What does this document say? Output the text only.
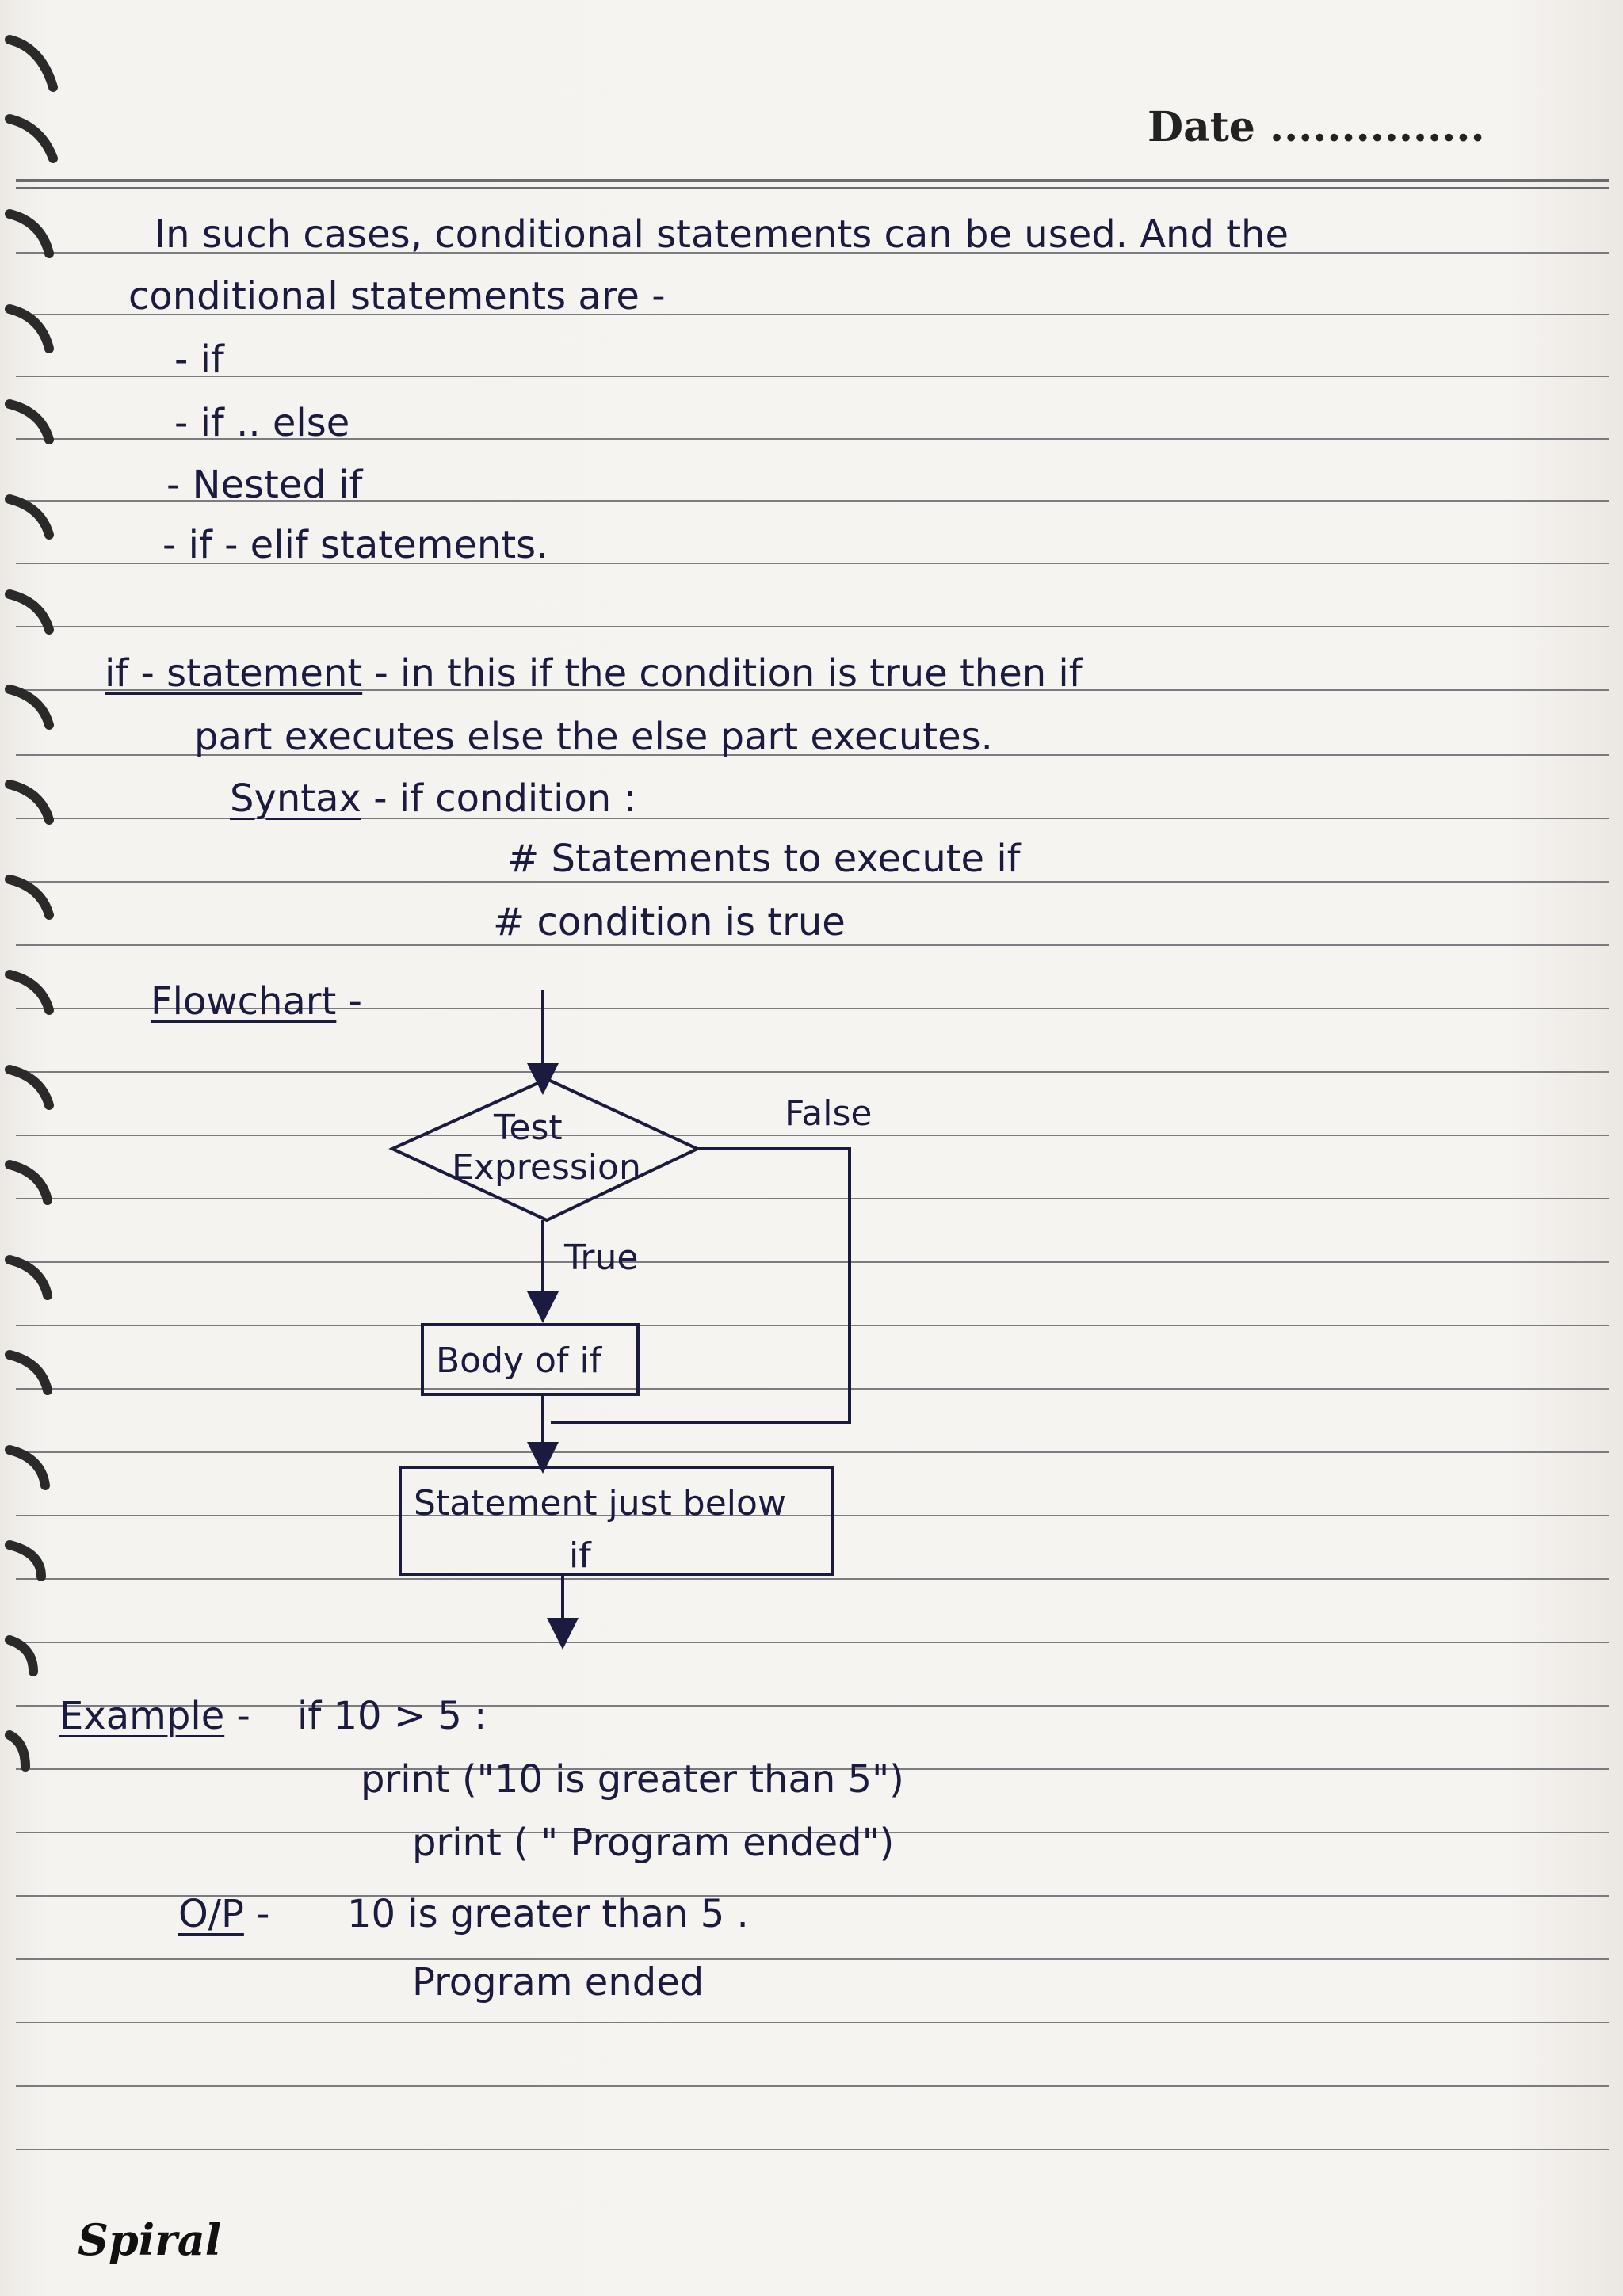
Date ...............
In such cases, conditional statements can be used. And the
conditional statements are -
- if
- if .. else
- Nested if
- if - elif statements.
if - statement - in this if the condition is true then if
part executes else the else part executes.
Syntax - if condition :
# Statements to execute if
# condition is true
Flowchart -
Test
Expression
False
True
Body of if
Statement just below
if
Example - if 10 > 5 :
print ("10 is greater than 5")
print ( " Program ended")
O/P - 10 is greater than 5 .
Program ended
Spiral
